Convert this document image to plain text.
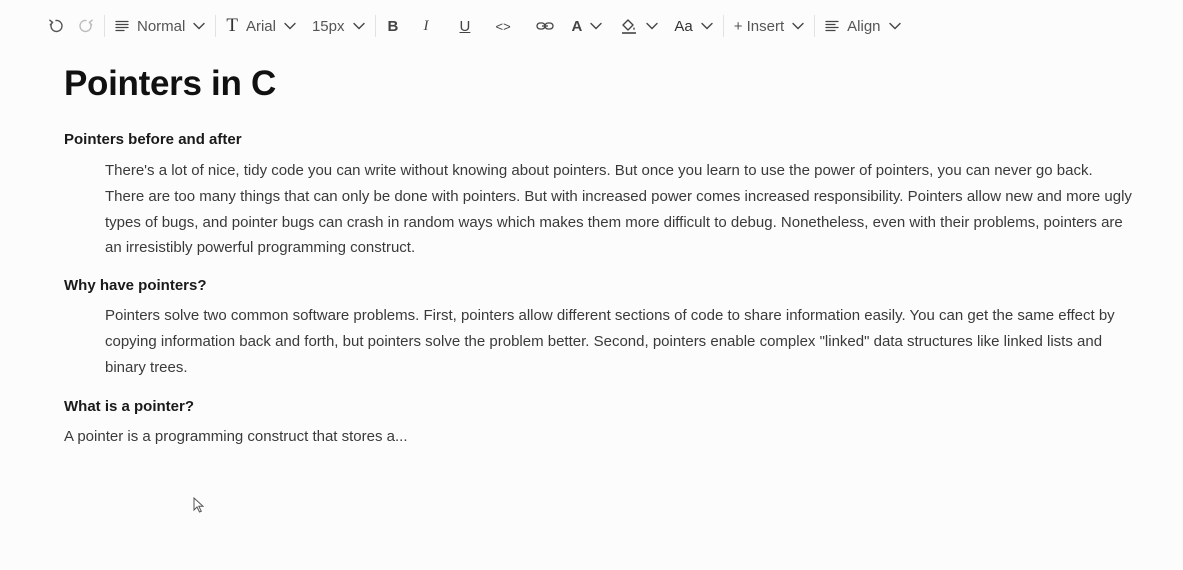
Normal T Arial 15px	B I U <>	A	Aa	+ Insert	Align
Pointers in C
Pointers before and after

There's a lot of nice, tidy code you can write without knowing about pointers. But once you learn to use the power of pointers, you can never go back. There are too many things that can only be done with pointers. But with increased power comes increased responsibility. Pointers allow new and more ugly types of bugs, and pointer bugs can crash in random ways which makes them more difficult to debug. Nonetheless, even with their problems, pointers are an irresistibly powerful programming construct.

Why have pointers?

Pointers solve two common software problems. First, pointers allow different sections of code to share information easily. You can get the same effect by copying information back and forth, but pointers solve the problem better. Second, pointers enable complex "linked" data structures like linked lists and binary trees.

What is a pointer?

A pointer is a programming construct that stores a...
